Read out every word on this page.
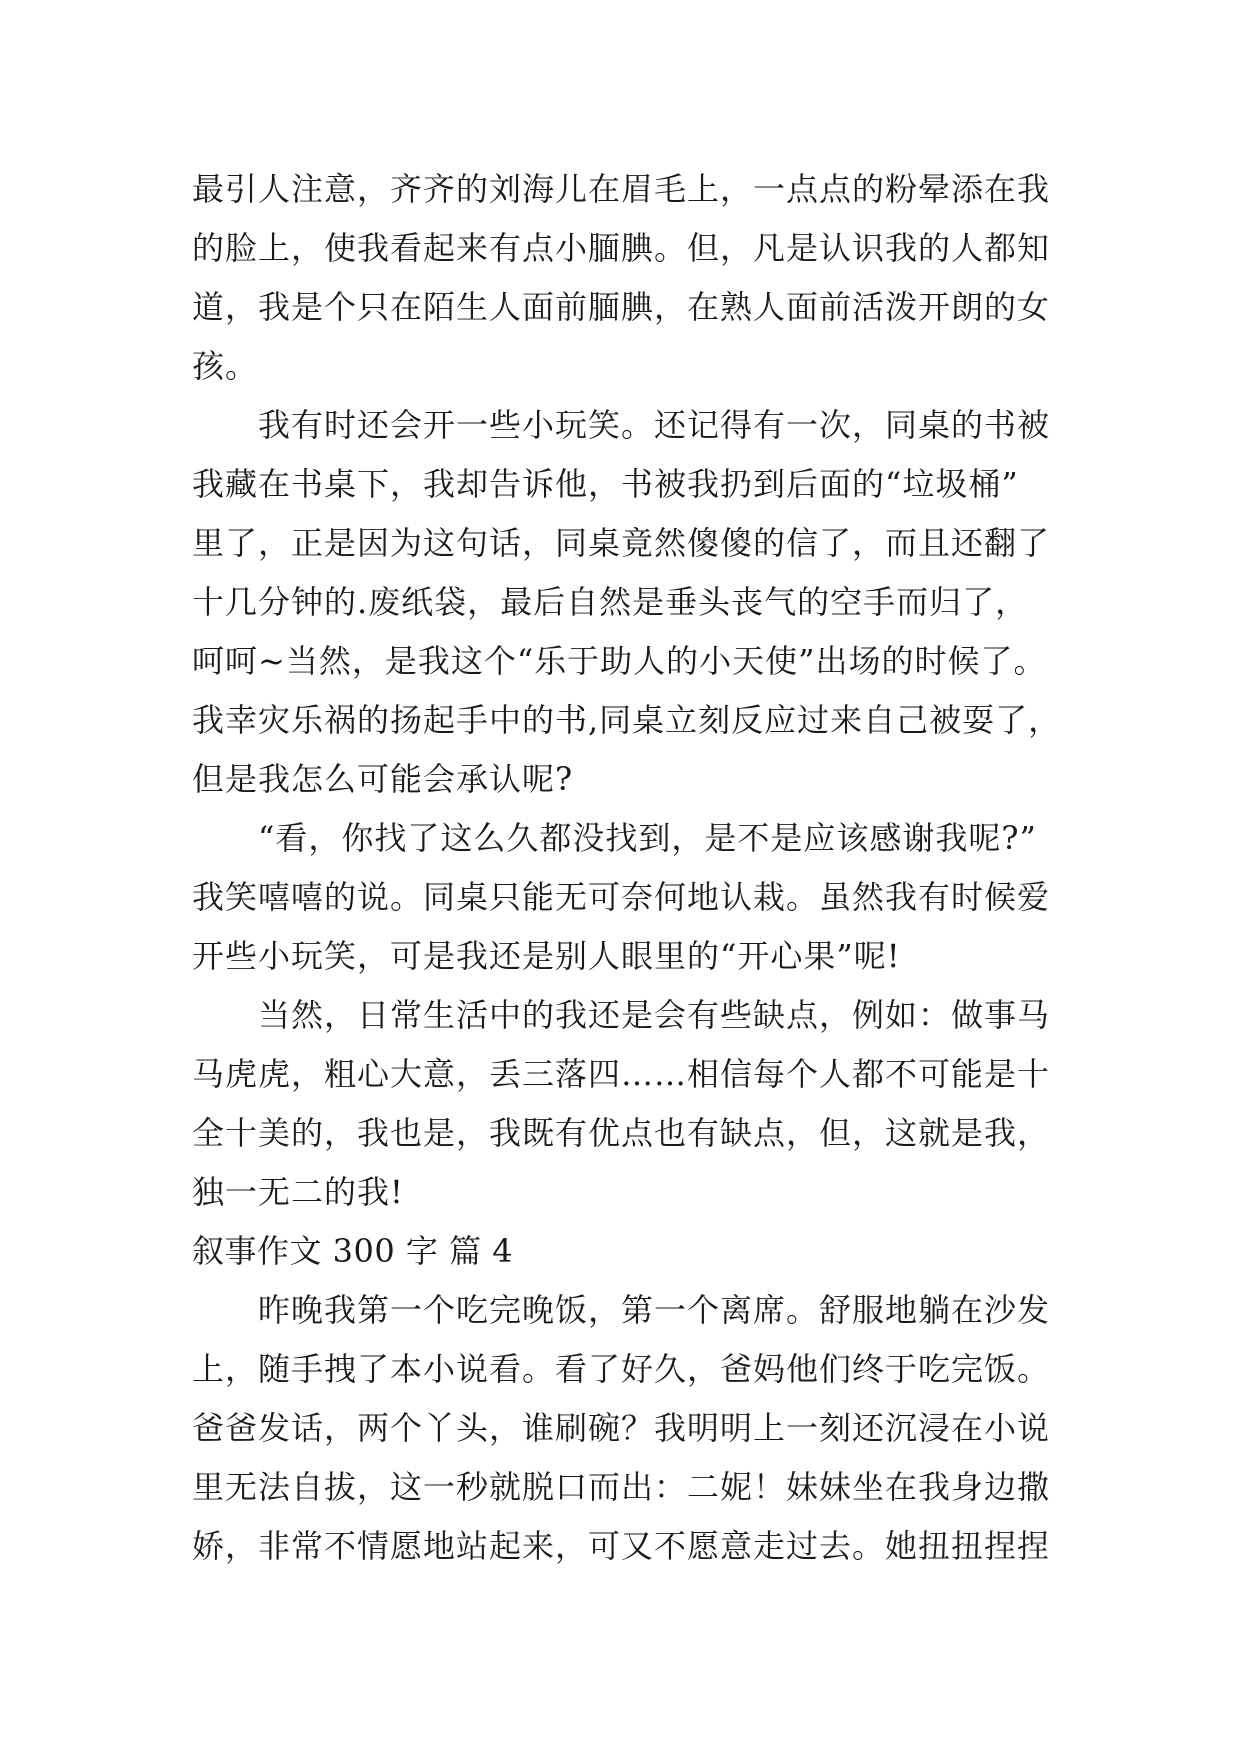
最引人注意，齐齐的刘海儿在眉毛上，一点点的粉晕添在我
的脸上，使我看起来有点小腼腆。但，凡是认识我的人都知
道，我是个只在陌生人面前腼腆，在熟人面前活泼开朗的女
孩。
我有时还会开一些小玩笑。还记得有一次，同桌的书被
我藏在书桌下，我却告诉他，书被我扔到后面的“垃圾桶”
里了，正是因为这句话，同桌竟然傻傻的信了，而且还翻了
十几分钟的.废纸袋，最后自然是垂头丧气的空手而归了，
呵呵~当然，是我这个“乐于助人的小天使”出场的时候了。
我幸灾乐祸的扬起手中的书,同桌立刻反应过来自己被耍了，
但是我怎么可能会承认呢?
“看，你找了这么久都没找到，是不是应该感谢我呢?”
我笑嘻嘻的说。同桌只能无可奈何地认栽。虽然我有时候爱
开些小玩笑，可是我还是别人眼里的“开心果”呢!
当然，日常生活中的我还是会有些缺点，例如：做事马
马虎虎，粗心大意，丢三落四……相信每个人都不可能是十
全十美的，我也是，我既有优点也有缺点，但，这就是我，
独一无二的我!
叙事作文 300 字 篇 4
昨晚我第一个吃完晚饭，第一个离席。舒服地躺在沙发
上，随手拽了本小说看。看了好久，爸妈他们终于吃完饭。
爸爸发话，两个丫头，谁刷碗？我明明上一刻还沉浸在小说
里无法自拔，这一秒就脱口而出：二妮！妹妹坐在我身边撒
娇，非常不情愿地站起来，可又不愿意走过去。她扭扭捏捏
